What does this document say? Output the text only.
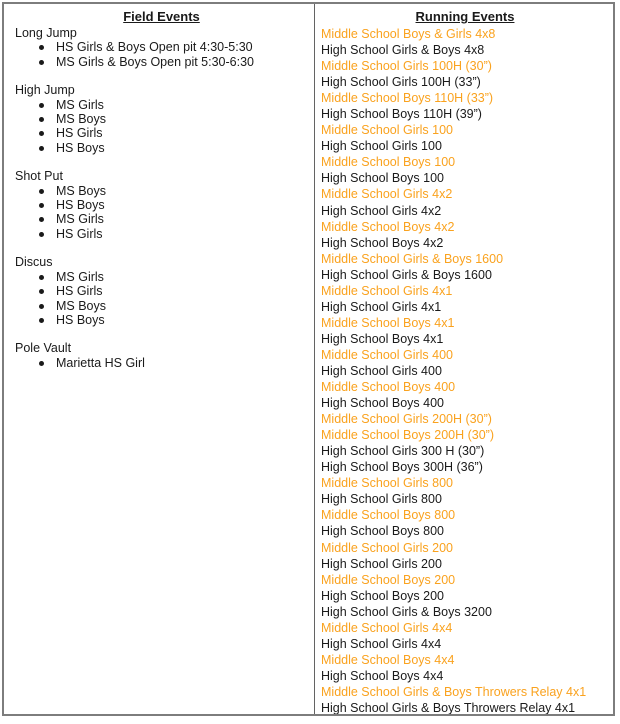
Field Events
Long Jump
HS Girls & Boys Open pit 4:30-5:30
MS Girls & Boys Open pit 5:30-6:30
High Jump
MS Girls
MS Boys
HS Girls
HS Boys
Shot Put
MS Boys
HS Boys
MS Girls
HS Girls
Discus
MS Girls
HS Girls
MS Boys
HS Boys
Pole Vault
Marietta HS Girl
Running Events
Middle School Boys & Girls 4x8
High School Girls & Boys 4x8
Middle School Girls 100H (30”)
High School Girls 100H (33”)
Middle School Boys 110H (33”)
High School Boys 110H (39”)
Middle School Girls 100
High School Girls 100
Middle School Boys 100
High School Boys 100
Middle School Girls 4x2
High School Girls 4x2
Middle School Boys 4x2
High School Boys 4x2
Middle School Girls & Boys 1600
High School Girls & Boys 1600
Middle School Girls 4x1
High School Girls 4x1
Middle School Boys 4x1
High School Boys 4x1
Middle School Girls 400
High School Girls 400
Middle School Boys 400
High School Boys 400
Middle School Girls 200H (30”)
Middle School Boys 200H (30”)
High School Girls 300 H (30”)
High School Boys 300H (36”)
Middle School Girls 800
High School Girls 800
Middle School Boys 800
High School Boys 800
Middle School Girls 200
High School Girls 200
Middle School Boys 200
High School Boys 200
High School Girls & Boys 3200
Middle School Girls 4x4
High School Girls 4x4
Middle School Boys 4x4
High School Boys 4x4
Middle School Girls & Boys Throwers Relay 4x1
High School Girls & Boys Throwers Relay 4x1
